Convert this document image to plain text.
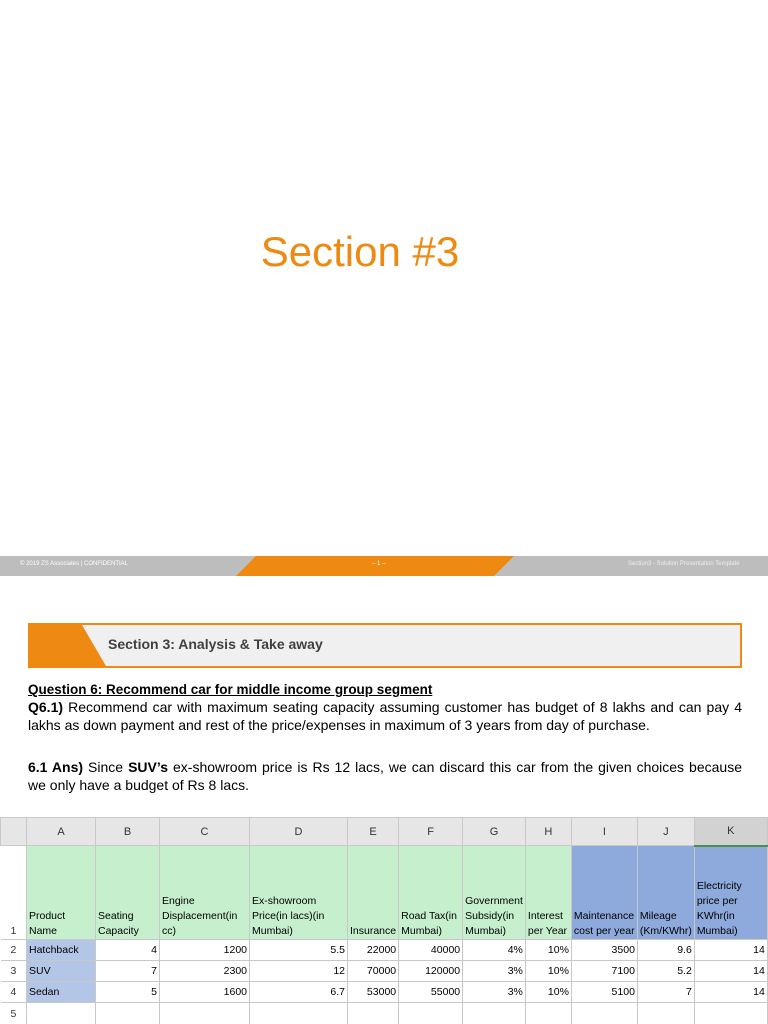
Section #3
© 2019 ZS Associates | CONFIDENTIAL	– 1 –	Section3 - Solution Presentation Template
Section 3: Analysis & Take away
Question 6: Recommend car for middle income group segment
Q6.1) Recommend car with maximum seating capacity assuming customer has budget of 8 lakhs and can pay 4 lakhs as down payment and rest of the price/expenses in maximum of 3 years from day of purchase.
6.1 Ans) Since SUV’s ex-showroom price is Rs 12 lacs, we can discard this car from the given choices because we only have a budget of Rs 8 lacs.
	A	B	C	D	E	F	G	H	I	J	K
1	Product Name	Seating Capacity	Engine Displacement(in cc)	Ex-showroom Price(in lacs)(in Mumbai)	Insurance	Road Tax(in Mumbai)	Government Subsidy(in Mumbai)	Interest per Year	Maintenance cost per year	Mileage (Km/KWhr)	Electricity price per KWhr(in Mumbai)
2	Hatchback	4	1200	5.5	22000	40000	4%	10%	3500	9.6	14
3	SUV	7	2300	12	70000	120000	3%	10%	7100	5.2	14
4	Sedan	5	1600	6.7	53000	55000	3%	10%	5100	7	14
5											
